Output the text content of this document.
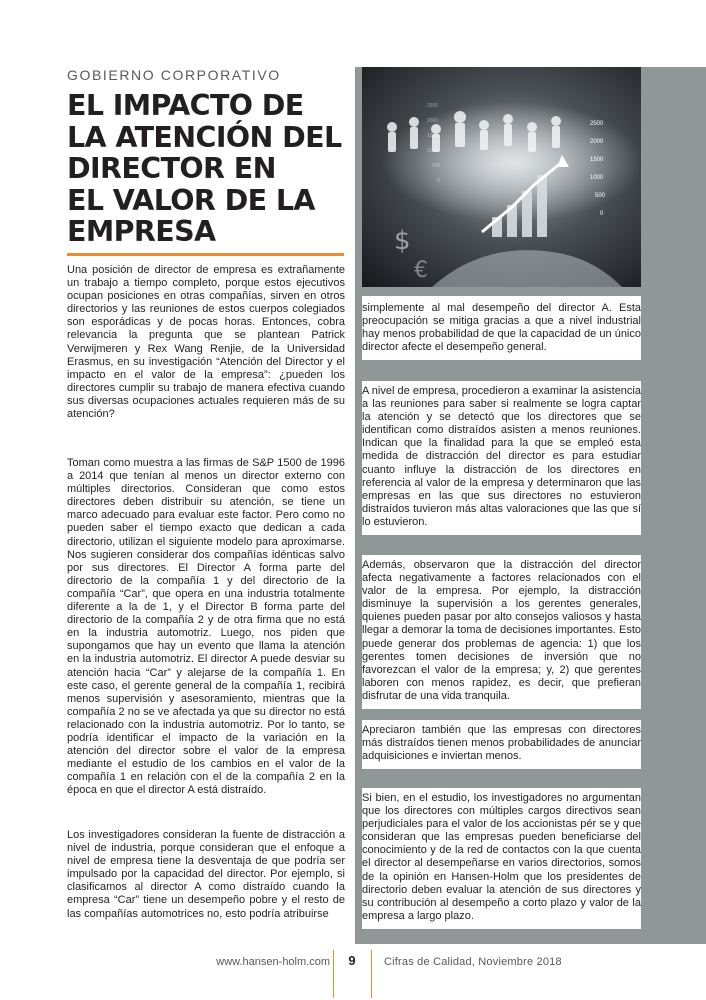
GOBIERNO CORPORATIVO
EL IMPACTO DE
LA ATENCIÓN DEL
DIRECTOR EN
EL VALOR DE LA
EMPRESA

Una posición de director de empresa es extrañamente un trabajo a tiempo completo, porque estos ejecutivos ocupan posiciones en otras compañías, sirven en otros directorios y las reuniones de estos cuerpos colegiados son esporádicas y de pocas horas. Entonces, cobra relevancia la pregunta que se plantean Patrick Verwijmeren y Rex Wang Renjie, de la Universidad Erasmus, en su investigación “Atención del Director y el impacto en el valor de la empresa”: ¿pueden los directores cumplir su trabajo de manera efectiva cuando sus diversas ocupaciones actuales requieren más de su atención?

Toman como muestra a las firmas de S&P 1500 de 1996 a 2014 que tenían al menos un director externo con múltiples directorios. Consideran que como estos directores deben distribuir su atención, se tiene un marco adecuado para evaluar este factor. Pero como no pueden saber el tiempo exacto que dedican a cada directorio, utilizan el siguiente modelo para aproximarse. Nos sugieren considerar dos compañías idénticas salvo por sus directores. El Director A forma parte del directorio de la compañía 1 y del directorio de la compañía “Car”, que opera en una industria totalmente diferente a la de 1, y el Director B forma parte del directorio de la compañía 2 y de otra firma que no está en la industria automotriz. Luego, nos piden que supongamos que hay un evento que llama la atención en la industria automotriz. El director A puede desviar su atención hacia “Car” y alejarse de la compañía 1. En este caso, el gerente general de la compañía 1, recibirá menos supervisión y asesoramiento, mientras que la compañía 2 no se ve afectada ya que su director no está relacionado con la industria automotriz. Por lo tanto, se podría identificar el impacto de la variación en la atención del director sobre el valor de la empresa mediante el estudio de los cambios en el valor de la compañía 1 en relación con el de la compañía 2 en la época en que el director A está distraído.

Los investigadores consideran la fuente de distracción a nivel de industria, porque consideran que el enfoque a nivel de empresa tiene la desventaja de que podría ser impulsado por la capacidad del director. Por ejemplo, si clasificamos al director A como distraído cuando la empresa “Car” tiene un desempeño pobre y el resto de las compañías automotrices no, esto podría atribuirse

$
€
2500
2000
1500
1000
500
0
2500
2000
1500
1000
500
0

simplemente al mal desempeño del director A. Esta preocupación se mitiga gracias a que a nivel industrial hay menos probabilidad de que la capacidad de un único director afecte el desempeño general.

A nivel de empresa, procedieron a examinar la asistencia a las reuniones para saber si realmente se logra captar la atención y se detectó que los directores que se identifican como distraídos asisten a menos reuniones. Indican que la finalidad para la que se empleó esta medida de distracción del director es para estudiar cuanto influye la distracción de los directores en referencia al valor de la empresa y determinaron que las empresas en las que sus directores no estuvieron distraídos tuvieron más altas valoraciones que las que sí lo estuvieron.

Además, observaron que la distracción del director afecta negativamente a factores relacionados con el valor de la empresa. Por ejemplo, la distracción disminuye la supervisión a los gerentes generales, quienes pueden pasar por alto consejos valiosos y hasta llegar a demorar la toma de decisiones importantes. Esto puede generar dos problemas de agencia: 1) que los gerentes tomen decisiones de inversión que no favorezcan el valor de la empresa; y, 2) que gerentes laboren con menos rapidez, es decir, que prefieran disfrutar de una vida tranquila.

Apreciaron también que las empresas con directores más distraídos tienen menos probabilidades de anunciar adquisiciones e inviertan menos.

Si bien, en el estudio, los investigadores no argumentan que los directores con múltiples cargos directivos sean perjudiciales para el valor de los accionistas pér se y que consideran que las empresas pueden beneficiarse del conocimiento y de la red de contactos con la que cuenta el director al desempeñarse en varios directorios, somos de la opinión en Hansen-Holm que los presidentes de directorio deben evaluar la atención de sus directores y su contribución al desempeño a corto plazo y valor de la empresa a largo plazo.

www.hansen-holm.com	9	Cifras de Calidad, Noviembre 2018
